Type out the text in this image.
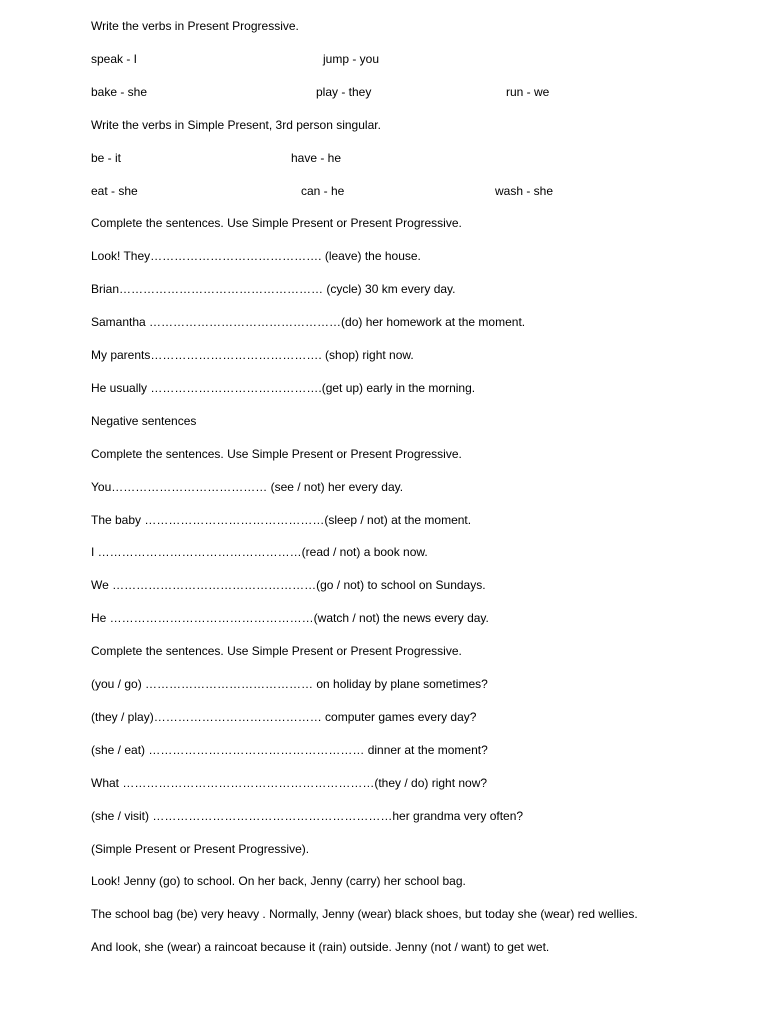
Write the verbs in Present Progressive.
speak - I	jump - you
bake - she	play - they	run - we
Write the verbs in Simple Present, 3rd person singular.
be - it	have - he
eat - she	can - he	wash - she
Complete the sentences. Use Simple Present or Present Progressive.
Look! They……………………………………. (leave) the house.
Brian…………………………………………… (cycle) 30 km every day.
Samantha …………………………………………(do) her homework at the moment.
My parents……………………………………. (shop) right now.
He usually …………………………………….(get up) early in the morning.
Negative sentences
Complete the sentences. Use Simple Present or Present Progressive.
You………………………………… (see / not) her every day.
The baby ………………………………………(sleep / not) at the moment.
I ……………………………………………(read / not) a book now.
We ……………………………………………(go / not) to school on Sundays.
He ……………………………………………(watch / not) the news every day.
Complete the sentences. Use Simple Present or Present Progressive.
(you / go) …………………………………… on holiday by plane sometimes?
(they / play)…………………………………… computer games every day?
(she / eat) ……………………………………………… dinner at the moment?
What ………………………………………………………(they / do) right now?
(she / visit) ……………………………………………………her grandma very often?
(Simple Present or Present Progressive).
Look! Jenny (go) to school. On her back, Jenny (carry) her school bag.
The school bag (be) very heavy . Normally, Jenny (wear) black shoes, but today she (wear) red wellies.
And look, she (wear) a raincoat because it (rain) outside. Jenny (not / want) to get wet.
